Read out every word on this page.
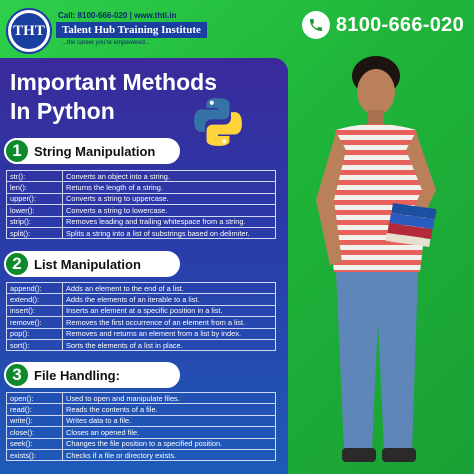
THT
Call: 8100-666-020 | www.thti.in
Talent Hub Training Institute
...the career you're empowered...
8100-666-020
Important Methods
In Python
1 String Manipulation
str():	Converts an object into a string.
len():	Returns the length of a string.
upper():	Converts a string to uppercase.
lower():	Converts a string to lowercase.
strip():	Removes leading and trailing whitespace from a string.
split():	Splits a string into a list of substrings based on delimiter.
2 List Manipulation
append():	Adds an element to the end of a list.
extend():	Adds the elements of an iterable to a list.
insert():	Inserts an element at a specific position in a list.
remove():	Removes the first occurrence of an element from a list.
pop():	Removes and returns an element from a list by index.
sort():	Sorts the elements of a list in place.
3 File Handling:
open():	Used to open and manipulate files.
read():	Reads the contents of a file.
write():	Writes data to a file.
close():	Closes an opened file.
seek():	Changes the file position to a specified position.
exists():	Checks if a file or directory exists.
